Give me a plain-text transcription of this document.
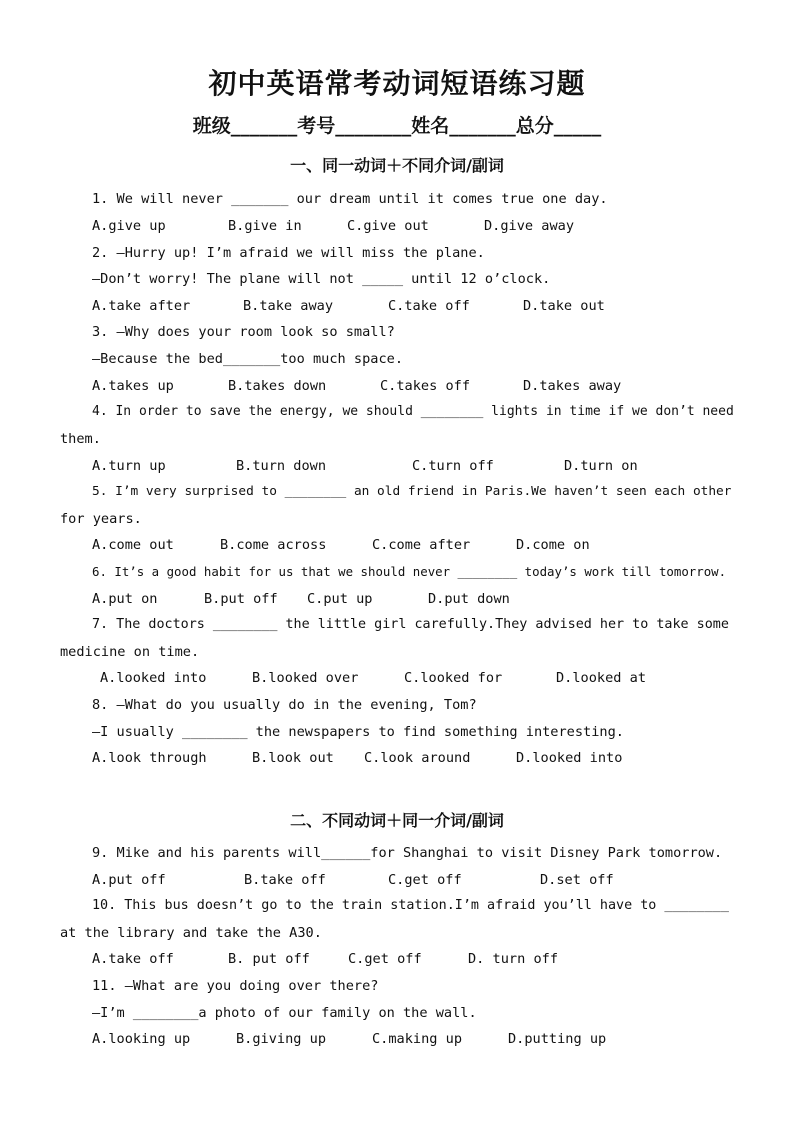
初中英语常考动词短语练习题
班级_______考号________姓名_______总分_____
一、同一动词＋不同介词/副词
1. We will never _______ our dream until it comes true one day.
A.give up	B.give in	C.give out	D.give away
2. —Hurry up! I’m afraid we will miss the plane.
—Don’t worry! The plane will not _____ until 12 o’clock.
A.take after	B.take away	C.take off	D.take out
3. —Why does your room look so small?
—Because the bed_______too much space.
A.takes up	B.takes down	C.takes off	D.takes away
4. In order to save the energy, we should ________ lights in time if we don’t need
them.
A.turn up	B.turn down	C.turn off	D.turn on
5. I’m very surprised to ________ an old friend in Paris.We haven’t seen each other
for years.
A.come out	B.come across	C.come after	D.come on
6. It’s a good habit for us that we should never ________ today’s work till tomorrow.
A.put on	B.put off C.put up	D.put down
7. The doctors ________ the little girl carefully.They advised her to take some
medicine on time.
A.looked into	B.looked over	C.looked for	D.looked at
8. —What do you usually do in the evening, Tom?
—I usually ________ the newspapers to find something interesting.
A.look through	B.look out C.look around	D.looked into
二、不同动词＋同一介词/副词
9. Mike and his parents will______for Shanghai to visit Disney Park tomorrow.
A.put off	B.take off	C.get off	D.set off
10. This bus doesn’t go to the train station.I’m afraid you’ll have to ________
at the library and take the A30.
A.take off	B. put off	C.get off	D. turn off
11. —What are you doing over there?
—I’m ________a photo of our family on the wall.
A.looking up	B.giving up	C.making up	D.putting up
